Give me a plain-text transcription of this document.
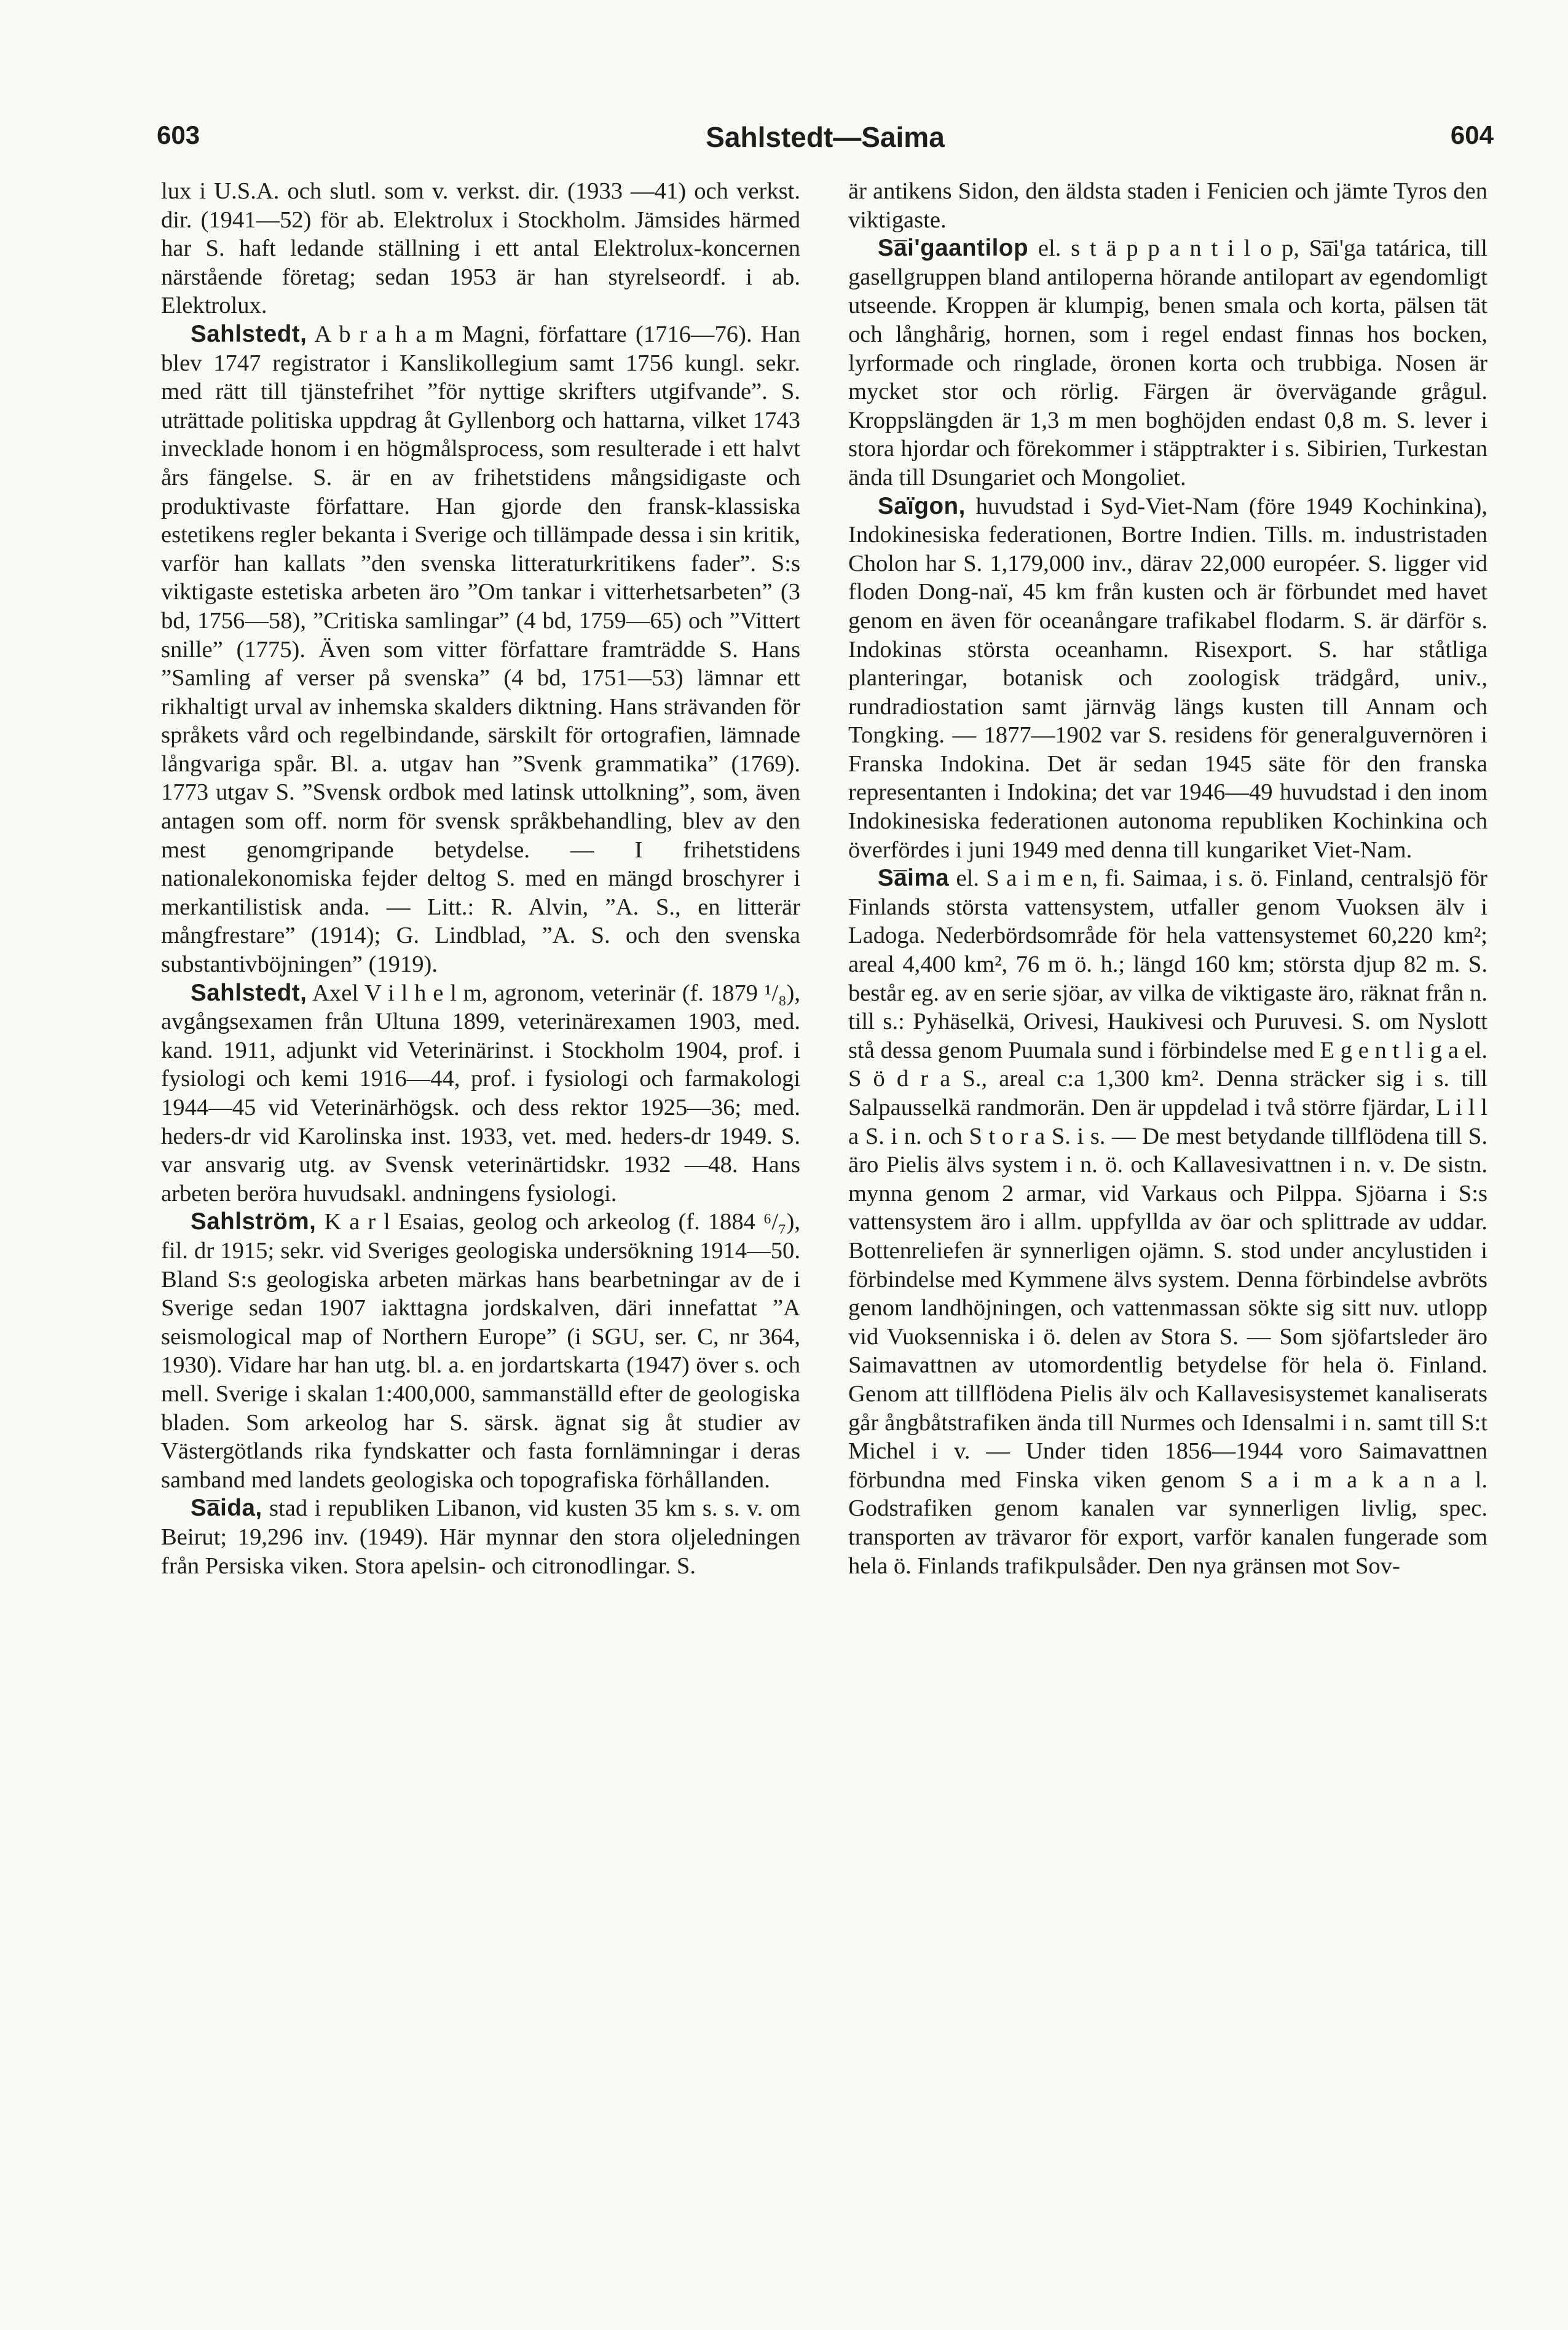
603	Sahlstedt—Saima	604

lux i U.S.A. och slutl. som v. verkst. dir. (1933 —41) och verkst. dir. (1941—52) för ab. Elektrolux i Stockholm. Jämsides härmed har S. haft ledande ställning i ett antal Elektrolux-koncernen närstående företag; sedan 1953 är han styrelseordf. i ab. Elektrolux.

Sahlstedt, A b r a h a m Magni, författare (1716—76). Han blev 1747 registrator i Kanslikollegium samt 1756 kungl. sekr. med rätt till tjänstefrihet ”för nyttige skrifters utgifvande”. S. uträttade politiska uppdrag åt Gyllenborg och hattarna, vilket 1743 invecklade honom i en högmålsprocess, som resulterade i ett halvt års fängelse. S. är en av frihetstidens mångsidigaste och produktivaste författare. Han gjorde den fransk-klassiska estetikens regler bekanta i Sverige och tillämpade dessa i sin kritik, varför han kallats ”den svenska litteraturkritikens fader”. S:s viktigaste estetiska arbeten äro ”Om tankar i vitterhetsarbeten” (3 bd, 1756—58), ”Critiska samlingar” (4 bd, 1759—65) och ”Vittert snille” (1775). Även som vitter författare framträdde S. Hans ”Samling af verser på svenska” (4 bd, 1751—53) lämnar ett rikhaltigt urval av inhemska skalders diktning. Hans strävanden för språkets vård och regelbindande, särskilt för ortografien, lämnade långvariga spår. Bl. a. utgav han ”Svenk grammatika” (1769). 1773 utgav S. ”Svensk ordbok med latinsk uttolkning”, som, även antagen som off. norm för svensk språkbehandling, blev av den mest genomgripande betydelse. — I frihetstidens nationalekonomiska fejder deltog S. med en mängd broschyrer i merkantilistisk anda. — Litt.: R. Alvin, ”A. S., en litterär mångfrestare” (1914); G. Lindblad, ”A. S. och den svenska substantivböjningen” (1919).

Sahlstedt, Axel V i l h e l m, agronom, veterinär (f. 1879 ¹/₈), avgångsexamen från Ultuna 1899, veterinärexamen 1903, med. kand. 1911, adjunkt vid Veterinärinst. i Stockholm 1904, prof. i fysiologi och kemi 1916—44, prof. i fysiologi och farmakologi 1944—45 vid Veterinärhögsk. och dess rektor 1925—36; med. heders-dr vid Karolinska inst. 1933, vet. med. heders-dr 1949. S. var ansvarig utg. av Svensk veterinärtidskr. 1932 —48. Hans arbeten beröra huvudsakl. andningens fysiologi.

Sahlström, K a r l Esaias, geolog och arkeolog (f. 1884 ⁶/₇), fil. dr 1915; sekr. vid Sveriges geologiska undersökning 1914—50. Bland S:s geologiska arbeten märkas hans bearbetningar av de i Sverige sedan 1907 iakttagna jordskalven, däri innefattat ”A seismological map of Northern Europe” (i SGU, ser. C, nr 364, 1930). Vidare har han utg. bl. a. en jordartskarta (1947) över s. och mell. Sverige i skalan 1:400,000, sammanställd efter de geologiska bladen. Som arkeolog har S. särsk. ägnat sig åt studier av Västergötlands rika fyndskatter och fasta fornlämningar i deras samband med landets geologiska och topografiska förhållanden.

Sa̅ida, stad i republiken Libanon, vid kusten 35 km s. s. v. om Beirut; 19,296 inv. (1949). Här mynnar den stora oljeledningen från Persiska viken. Stora apelsin- och citronodlingar. S.

är antikens Sidon, den äldsta staden i Fenicien och jämte Tyros den viktigaste.

Sa̅i'gaantilop el. s t ä p p a n t i l o p, Sa̅i'ga tatárica, till gasellgruppen bland antiloperna hörande antilopart av egendomligt utseende. Kroppen är klumpig, benen smala och korta, pälsen tät och långhårig, hornen, som i regel endast finnas hos bocken, lyrformade och ringlade, öronen korta och trubbiga. Nosen är mycket stor och rörlig. Färgen är övervägande grågul. Kroppslängden är 1,3 m men boghöjden endast 0,8 m. S. lever i stora hjordar och förekommer i stäpptrakter i s. Sibirien, Turkestan ända till Dsungariet och Mongoliet.

Saïgon, huvudstad i Syd-Viet-Nam (före 1949 Kochinkina), Indokinesiska federationen, Bortre Indien. Tills. m. industristaden Cholon har S. 1,179,000 inv., därav 22,000 européer. S. ligger vid floden Dong-naï, 45 km från kusten och är förbundet med havet genom en även för oceanångare trafikabel flodarm. S. är därför s. Indokinas största oceanhamn. Risexport. S. har ståtliga planteringar, botanisk och zoologisk trädgård, univ., rundradiostation samt järnväg längs kusten till Annam och Tongking. — 1877—1902 var S. residens för generalguvernören i Franska Indokina. Det är sedan 1945 säte för den franska representanten i Indokina; det var 1946—49 huvudstad i den inom Indokinesiska federationen autonoma republiken Kochinkina och överfördes i juni 1949 med denna till kungariket Viet-Nam.

Sa̅ima el. S a i m e n, fi. Saimaa, i s. ö. Finland, centralsjö för Finlands största vattensystem, utfaller genom Vuoksen älv i Ladoga. Nederbördsområde för hela vattensystemet 60,220 km²; areal 4,400 km², 76 m ö. h.; längd 160 km; största djup 82 m. S. består eg. av en serie sjöar, av vilka de viktigaste äro, räknat från n. till s.: Pyhäselkä, Orivesi, Haukivesi och Puruvesi. S. om Nyslott stå dessa genom Puumala sund i förbindelse med E g e n t l i g a el. S ö d r a S., areal c:a 1,300 km². Denna sträcker sig i s. till Salpausselkä randmorän. Den är uppdelad i två större fjärdar, L i l l a S. i n. och S t o r a S. i s. — De mest betydande tillflödena till S. äro Pielis älvs system i n. ö. och Kallavesivattnen i n. v. De sistn. mynna genom 2 armar, vid Varkaus och Pilppa. Sjöarna i S:s vattensystem äro i allm. uppfyllda av öar och splittrade av uddar. Bottenreliefen är synnerligen ojämn. S. stod under ancylustiden i förbindelse med Kymmene älvs system. Denna förbindelse avbröts genom landhöjningen, och vattenmassan sökte sig sitt nuv. utlopp vid Vuoksenniska i ö. delen av Stora S. — Som sjöfartsleder äro Saimavattnen av utomordentlig betydelse för hela ö. Finland. Genom att tillflödena Pielis älv och Kallavesisystemet kanaliserats går ångbåtstrafiken ända till Nurmes och Idensalmi i n. samt till S:t Michel i v. — Under tiden 1856—1944 voro Saimavattnen förbundna med Finska viken genom S a i m a k a n a l. Godstrafiken genom kanalen var synnerligen livlig, spec. transporten av trävaror för export, varför kanalen fungerade som hela ö. Finlands trafikpulsåder. Den nya gränsen mot Sov-
